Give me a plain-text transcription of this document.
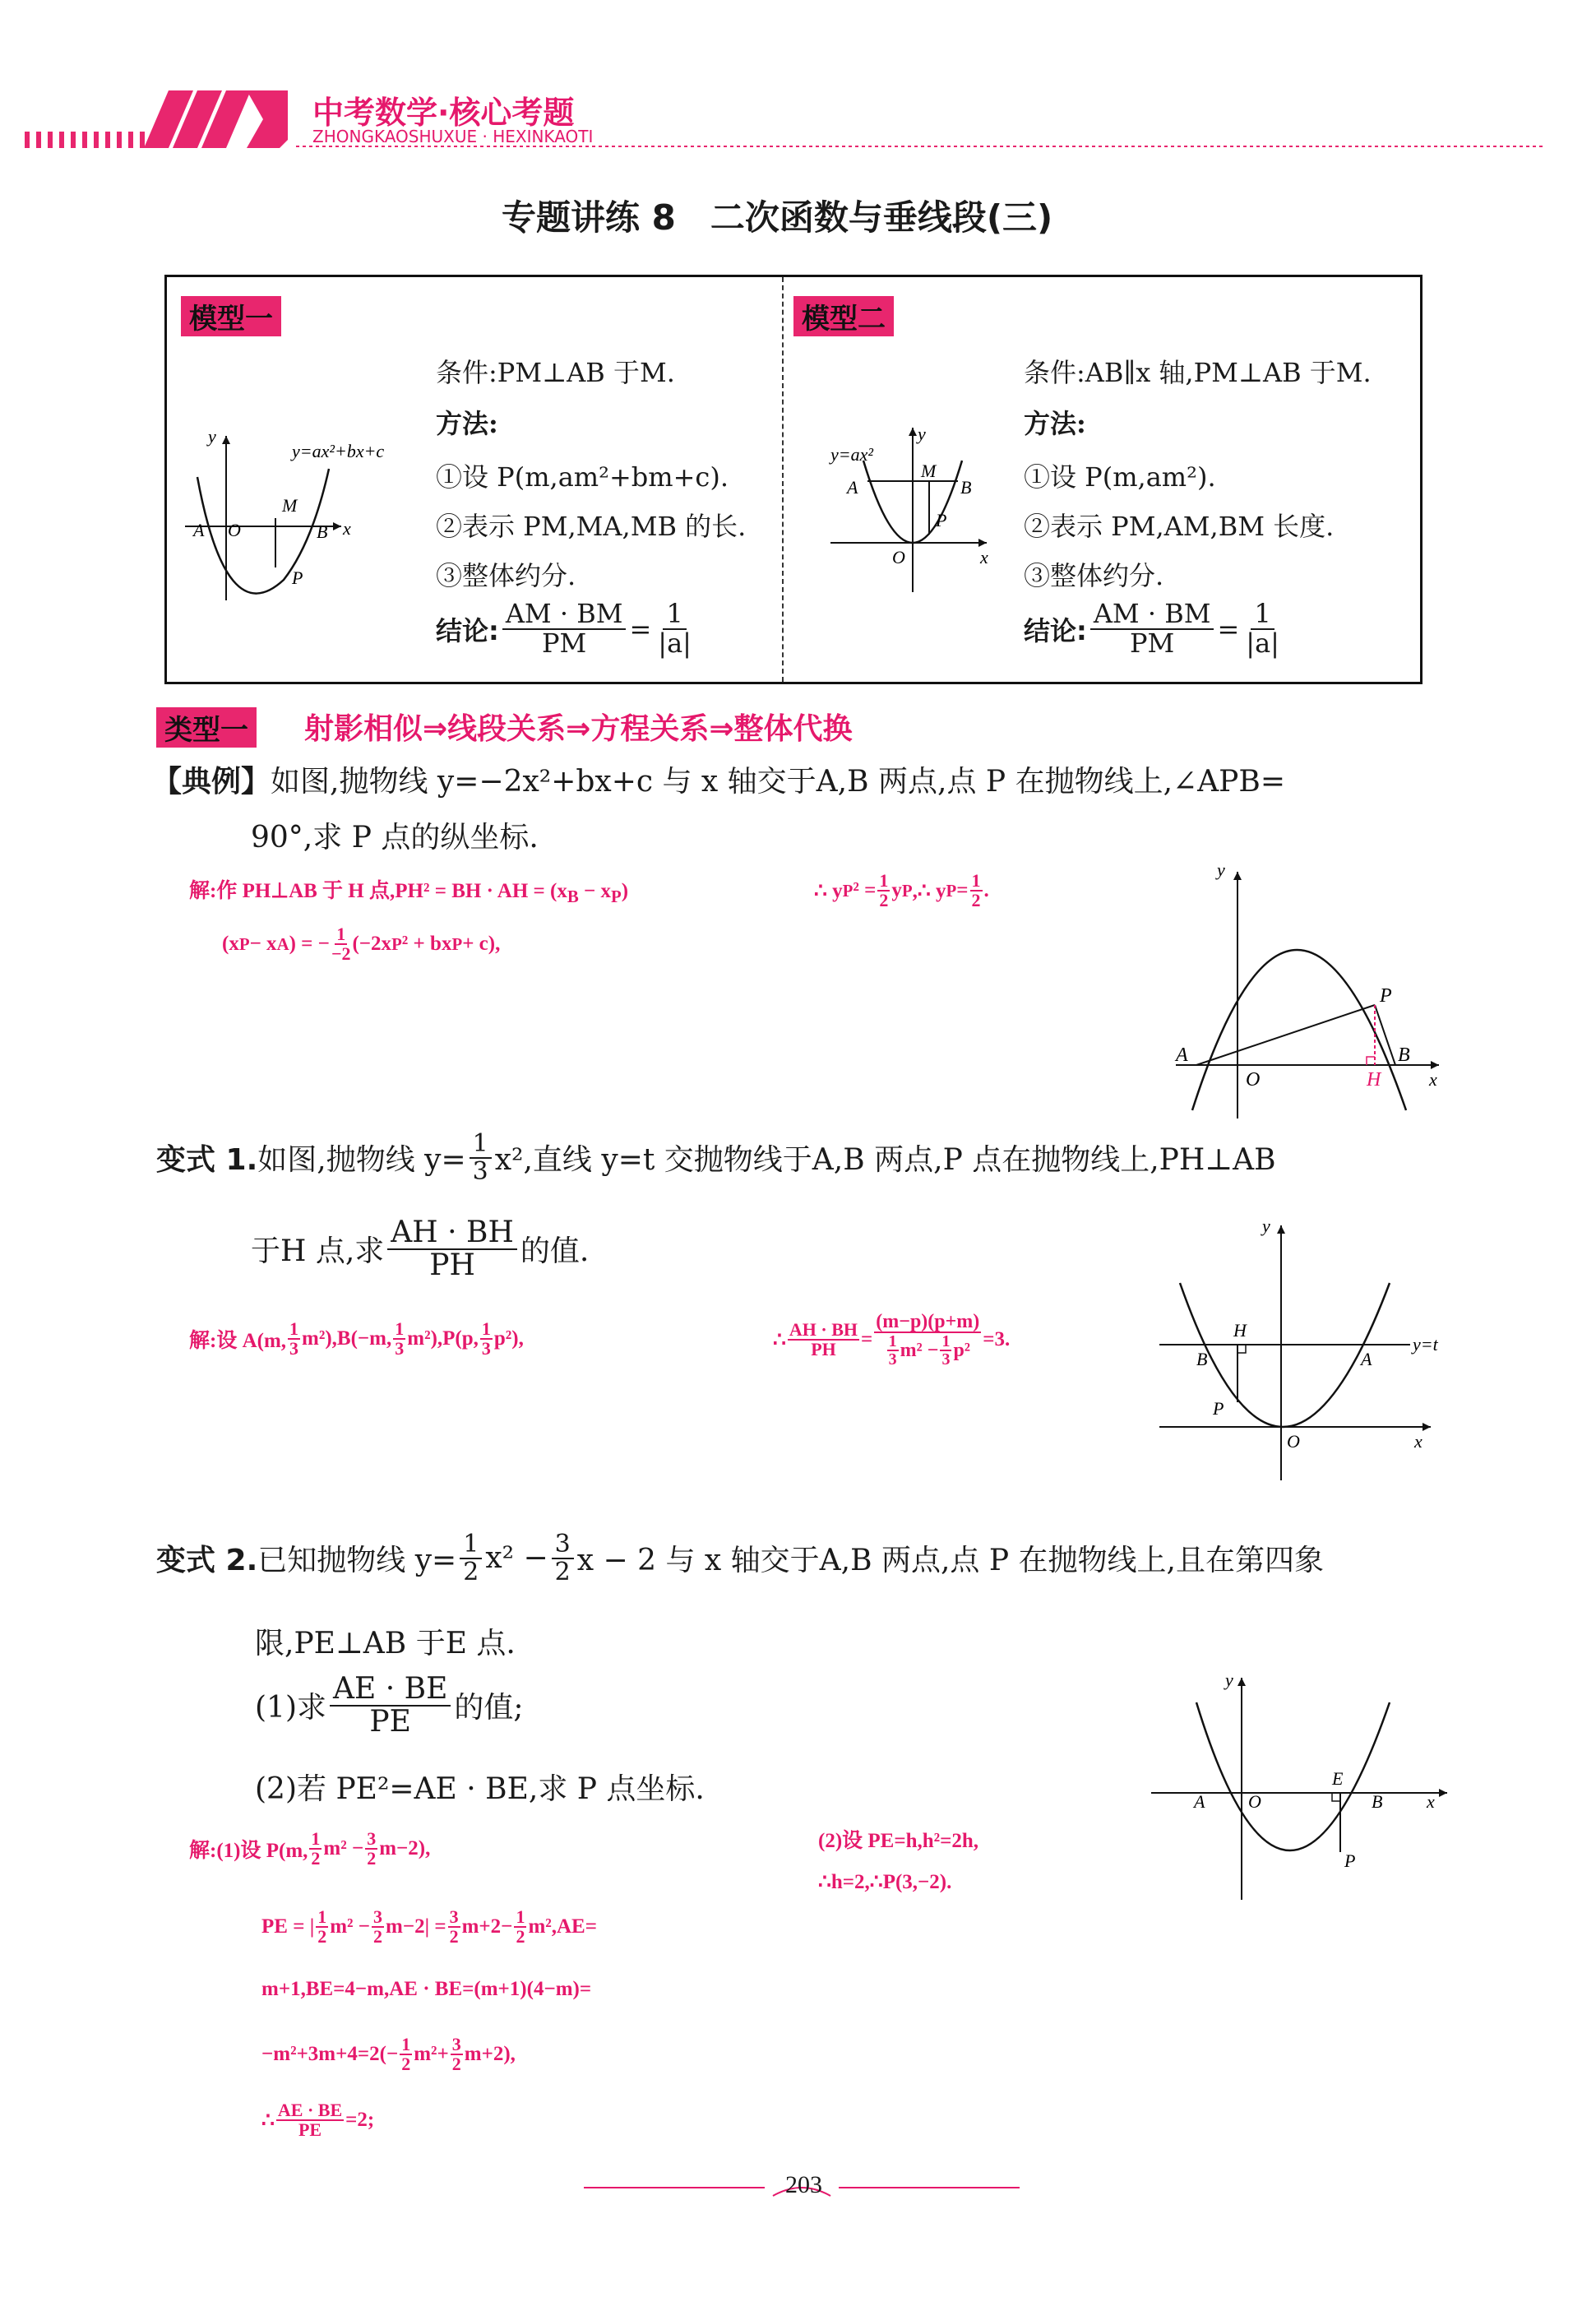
中考数学·核心考题
ZHONGKAOSHUXUE · HEXINKAOTI
专题讲练 8　二次函数与垂线段(三)
模型一
y
y=ax²+bx+c
A O
M
B x
P
条件:PM⊥AB 于M.
方法:
①设 P(m,am²+bm+c).
②表示 PM,MA,MB 的长.
③整体约分.
结论: $\frac{AM \cdot BM}{PM} = \frac{1}{|a|}$
模型二
y=ax²
y
A
M
B
P
O	x
条件:AB∥x 轴,PM⊥AB 于M.
方法:
①设 P(m,am²).
②表示 PM,AM,BM 长度.
③整体约分.
结论: $\frac{AM \cdot BM}{PM} = \frac{1}{|a|}$
类型一 射影相似⇒线段关系⇒方程关系⇒整体代换
【典例】如图,抛物线 y=−2x²+bx+c 与 x 轴交于A,B 两点,点 P 在抛物线上,∠APB=
90°,求 P 点的纵坐标.
解:作 PH⊥AB 于 H 点,PH² = BH · AH = $(x_B - x_P)$
(x P − x A ) = − $\frac{1}{-2} (-2x$ P ² + bx P + c),
∴ y P $^2 = \frac{1}{2}$ y P ,∴ y $P = \frac{1}{2}$ .
y
A
O
P
B
H	x
变式 1. 如图,抛物线 $y= \frac{1}{3} x^2$,直线 y=t 交抛物线于A,B 两点,P 点在抛物线上,PH⊥AB
于H 点,求 $\frac{AH \cdot BH}{PH}$ 的值.
解:设 A(m,
1
3 m²),B(−m, 1
3 m²),P(p, 1
3 p²),	∴ $\frac{AH \cdot BH}{PH} = (m-p)(p+m)$
1
3 $m^2 - \frac{1}{3} p^2 =3$.
y
H
B	A
y=t
P
O	x
变式 2. 已知抛物线 $y= \frac{1}{2} x^2 - \frac{3}{2}$ x − 2 与 x 轴交于A,B 两点,点 P 在抛物线上,且在第四象
限,PE⊥AB 于E 点.
(1)求 $\frac{AE \cdot BE}{PE}$ 的值;
(2)若 PE²=AE · BE,求 P 点坐标.
解:(1)设 P(m,
1
2 $m^2 - \frac{3}{2} m-2$),
PE = | 1
2 $m^2 - \frac{3}{2} m-2| = \frac{3}{2} m+2- \frac{1}{2} m^2,AE=$
m+1,BE=4−m,AE · BE=(m+1)(4−m)=
$-m^2+3m+4=2(- \frac{1}{2} m^2+ \frac{3}{2} m+2)$,
∴ $\frac{AE \cdot BE}{PE} =2$;
(2)设 PE=h,h²=2h,
∴h=2,∴P(3,−2).
y
A O
E
B x
P
203
